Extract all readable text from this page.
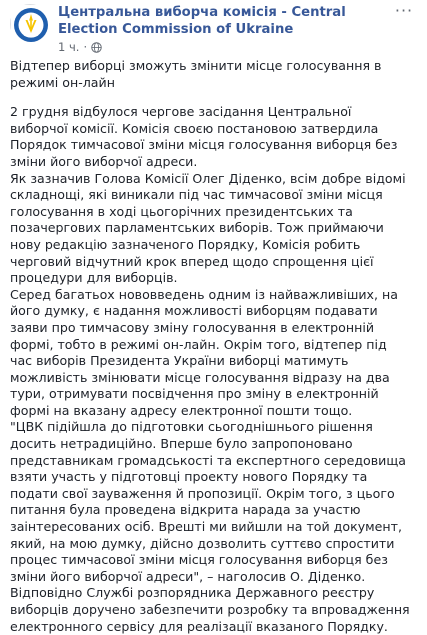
Центральна виборча комісія - Central Election Commission of Ukraine
···
1 ч. ·

Відтепер виборці зможуть змінити місце голосування в режимі он-лайн

2 грудня відбулося чергове засідання Центральної виборчої комісії. Комісія своєю постановою затвердила Порядок тимчасової зміни місця голосування виборця без зміни його виборчої адреси.

Як зазначив Голова Комісії Олег Діденко, всім добре відомі складнощі, які виникали під час тимчасової зміни місця голосування в ході цьогорічних президентських та позачергових парламентських виборів. Тож приймаючи нову редакцію зазначеного Порядку, Комісія робить черговий відчутний крок вперед щодо спрощення цієї процедури для виборців.

Серед багатьох нововведень одним із найважливіших, на його думку, є надання можливості виборцям подавати заяви про тимчасову зміну голосування в електронній формі, тобто в режимі он-лайн. Окрім того, відтепер під час виборів Президента України виборці матимуть можливість змінювати місце голосування відразу на два тури, отримувати посвідчення про зміну в електронній формі на вказану адресу електронної пошти тощо.

"ЦВК підійшла до підготовки сьогоднішнього рішення досить нетрадиційно. Вперше було запропоновано представникам громадськості та експертного середовища взяти участь у підготовці проекту нового Порядку та подати свої зауваження й пропозиції. Окрім того, з цього питання була проведена відкрита нарада за участю заінтересованих осіб. Врешті ми вийшли на той документ, який, на мою думку, дійсно дозволить суттєво спростити процес тимчасової зміни місця голосування виборця без зміни його виборчої адреси", – наголосив О. Діденко.

Відповідно Службі розпорядника Державного реєстру виборців доручено забезпечити розробку та впровадження електронного сервісу для реалізації вказаного Порядку.
